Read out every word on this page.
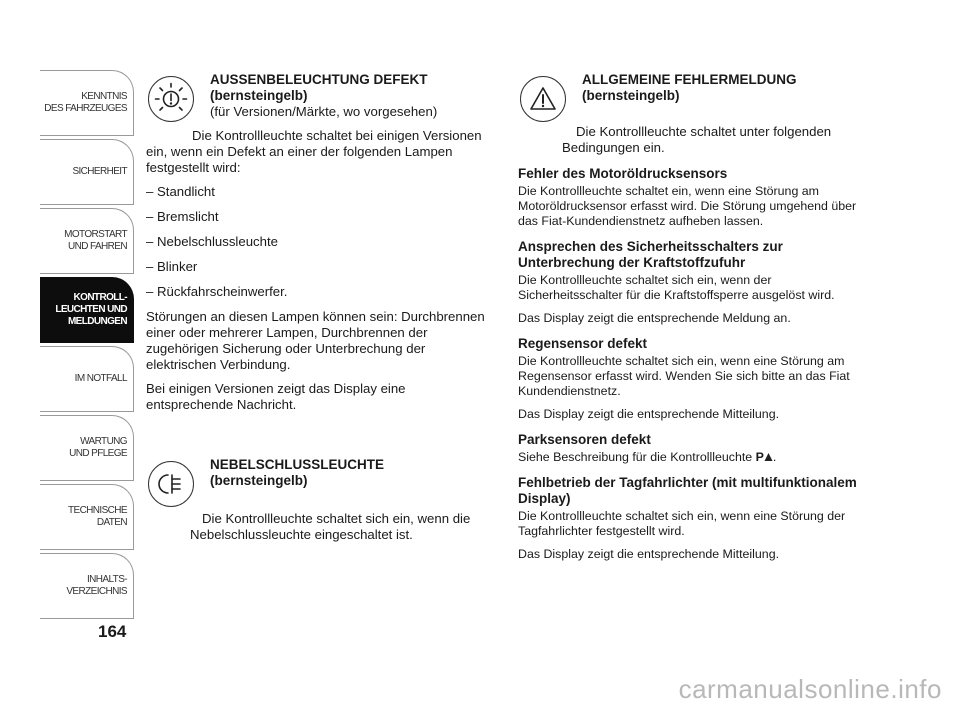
KENNTNIS
DES FAHRZEUGES
SICHERHEIT
MOTORSTART
UND FAHREN
KONTROLL-
LEUCHTEN UND
MELDUNGEN
IM NOTFALL
WARTUNG
UND PFLEGE
TECHNISCHE
DATEN
INHALTS-
VERZEICHNIS
164
AUSSENBELEUCHTUNG DEFEKT
(bernsteingelb)
(für Versionen/Märkte, wo vorgesehen)
Die Kontrollleuchte schaltet bei einigen Versionen ein, wenn ein Defekt an einer der folgenden Lampen festgestellt wird:
– Standlicht
– Bremslicht
– Nebelschlussleuchte
– Blinker
– Rückfahrscheinwerfer.
Störungen an diesen Lampen können sein: Durchbrennen einer oder mehrerer Lampen, Durchbrennen der zugehörigen Sicherung oder Unterbrechung der elektrischen Verbindung.
Bei einigen Versionen zeigt das Display eine entsprechende Nachricht.
NEBELSCHLUSSLEUCHTE
(bernsteingelb)
Die Kontrollleuchte schaltet sich ein, wenn die Nebelschlussleuchte eingeschaltet ist.
ALLGEMEINE FEHLERMELDUNG
(bernsteingelb)
Die Kontrollleuchte schaltet unter folgenden Bedingungen ein.
Fehler des Motoröldrucksensors
Die Kontrollleuchte schaltet ein, wenn eine Störung am Motoröldrucksensor erfasst wird. Die Störung umgehend über das Fiat-Kundendienstnetz aufheben lassen.
Ansprechen des Sicherheitsschalters zur Unterbrechung der Kraftstoffzufuhr
Die Kontrollleuchte schaltet sich ein, wenn der Sicherheitsschalter für die Kraftstoffsperre ausgelöst wird.
Das Display zeigt die entsprechende Meldung an.
Regensensor defekt
Die Kontrollleuchte schaltet sich ein, wenn eine Störung am Regensensor erfasst wird. Wenden Sie sich bitte an das Fiat Kundendienstnetz.
Das Display zeigt die entsprechende Mitteilung.
Parksensoren defekt
Siehe Beschreibung für die Kontrollleuchte P .
Fehlbetrieb der Tagfahrlichter (mit multifunktionalem Display)
Die Kontrollleuchte schaltet sich ein, wenn eine Störung der Tagfahrlichter festgestellt wird.
Das Display zeigt die entsprechende Mitteilung.
carmanualsonline.info
